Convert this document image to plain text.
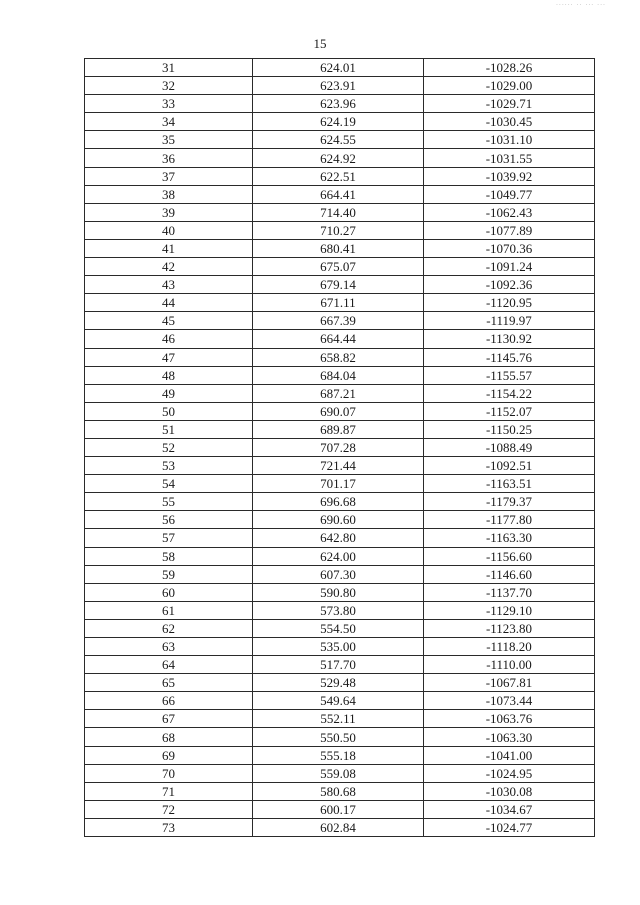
...... .. ... ...
15
31	624.01	-1028.26
32	623.91	-1029.00
33	623.96	-1029.71
34	624.19	-1030.45
35	624.55	-1031.10
36	624.92	-1031.55
37	622.51	-1039.92
38	664.41	-1049.77
39	714.40	-1062.43
40	710.27	-1077.89
41	680.41	-1070.36
42	675.07	-1091.24
43	679.14	-1092.36
44	671.11	-1120.95
45	667.39	-1119.97
46	664.44	-1130.92
47	658.82	-1145.76
48	684.04	-1155.57
49	687.21	-1154.22
50	690.07	-1152.07
51	689.87	-1150.25
52	707.28	-1088.49
53	721.44	-1092.51
54	701.17	-1163.51
55	696.68	-1179.37
56	690.60	-1177.80
57	642.80	-1163.30
58	624.00	-1156.60
59	607.30	-1146.60
60	590.80	-1137.70
61	573.80	-1129.10
62	554.50	-1123.80
63	535.00	-1118.20
64	517.70	-1110.00
65	529.48	-1067.81
66	549.64	-1073.44
67	552.11	-1063.76
68	550.50	-1063.30
69	555.18	-1041.00
70	559.08	-1024.95
71	580.68	-1030.08
72	600.17	-1034.67
73	602.84	-1024.77
